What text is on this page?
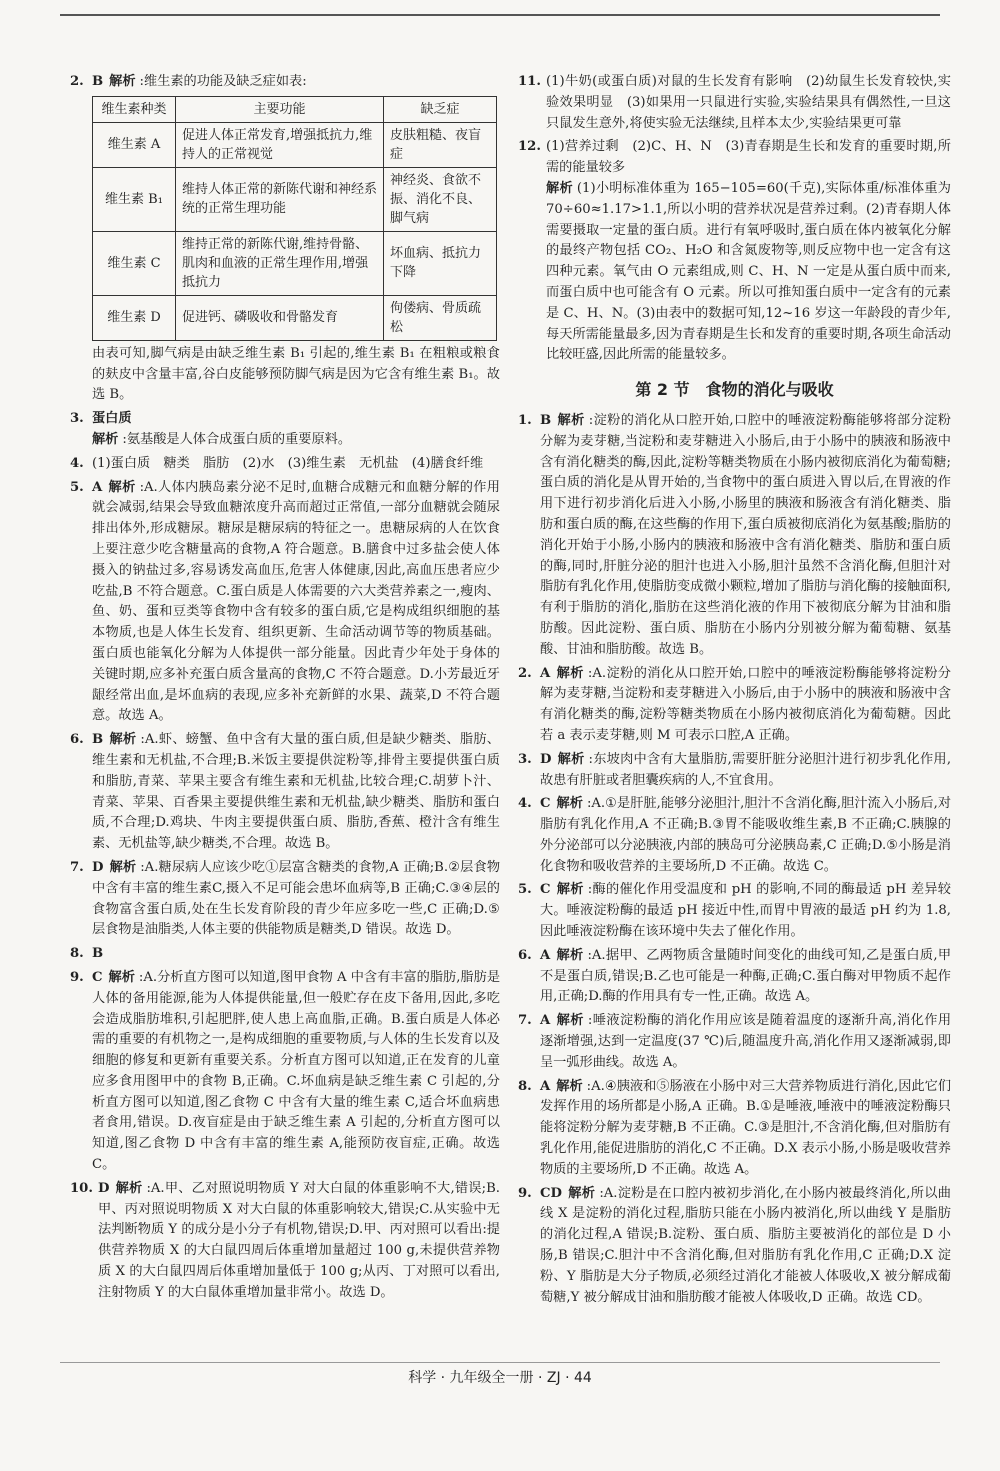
2. B 解析 :维生素的功能及缺乏症如表:
维生素种类	主要功能	缺乏症
维生素 A	促进人体正常发育,增强抵抗力,维持人的正常视觉	皮肤粗糙、夜盲症
维生素 B₁	维持人体正常的新陈代谢和神经系统的正常生理功能	神经炎、食欲不振、消化不良、脚气病
维生素 C	维持正常的新陈代谢,维持骨骼、肌肉和血液的正常生理作用,增强抵抗力	坏血病、抵抗力下降
维生素 D	促进钙、磷吸收和骨骼发育	佝偻病、骨质疏松
由表可知,脚气病是由缺乏维生素 B₁ 引起的,维生素 B₁ 在粗粮或粮食的麸皮中含量丰富,谷白皮能够预防脚气病是因为它含有维生素 B₁。故选 B。
3. 蛋白质
解析 :氨基酸是人体合成蛋白质的重要原料。
4. (1)蛋白质　糖类　脂肪　(2)水　(3)维生素　无机盐　(4)膳食纤维
5. A 解析 :A.人体内胰岛素分泌不足时,血糖合成糖元和血糖分解的作用就会减弱,结果会导致血糖浓度升高而超过正常值,一部分血糖就会随尿排出体外,形成糖尿。糖尿是糖尿病的特征之一。患糖尿病的人在饮食上要注意少吃含糖量高的食物,A 符合题意。B.膳食中过多盐会使人体摄入的钠盐过多,容易诱发高血压,危害人体健康,因此,高血压患者应少吃盐,B 不符合题意。C.蛋白质是人体需要的六大类营养素之一,瘦肉、鱼、奶、蛋和豆类等食物中含有较多的蛋白质,它是构成组织细胞的基本物质,也是人体生长发育、组织更新、生命活动调节等的物质基础。蛋白质也能氧化分解为人体提供一部分能量。因此青少年处于身体的关键时期,应多补充蛋白质含量高的食物,C 不符合题意。D.小芳最近牙龈经常出血,是坏血病的表现,应多补充新鲜的水果、蔬菜,D 不符合题意。故选 A。
6. B 解析 :A.虾、螃蟹、鱼中含有大量的蛋白质,但是缺少糖类、脂肪、维生素和无机盐,不合理;B.米饭主要提供淀粉等,排骨主要提供蛋白质和脂肪,青菜、苹果主要含有维生素和无机盐,比较合理;C.胡萝卜汁、青菜、苹果、百香果主要提供维生素和无机盐,缺少糖类、脂肪和蛋白质,不合理;D.鸡块、牛肉主要提供蛋白质、脂肪,香蕉、橙汁含有维生素、无机盐等,缺少糖类,不合理。故选 B。
7. D 解析 :A.糖尿病人应该少吃①层富含糖类的食物,A 正确;B.②层食物中含有丰富的维生素C,摄入不足可能会患坏血病等,B 正确;C.③④层的食物富含蛋白质,处在生长发育阶段的青少年应多吃一些,C 正确;D.⑤层食物是油脂类,人体主要的供能物质是糖类,D 错误。故选 D。
8. B
9. C 解析 :A.分析直方图可以知道,图甲食物 A 中含有丰富的脂肪,脂肪是人体的备用能源,能为人体提供能量,但一般贮存在皮下备用,因此,多吃会造成脂肪堆积,引起肥胖,使人患上高血脂,正确。B.蛋白质是人体必需的重要的有机物之一,是构成细胞的重要物质,与人体的生长发育以及细胞的修复和更新有重要关系。分析直方图可以知道,正在发育的儿童应多食用图甲中的食物 B,正确。C.坏血病是缺乏维生素 C 引起的,分析直方图可以知道,图乙食物 C 中含有大量的维生素 C,适合坏血病患者食用,错误。D.夜盲症是由于缺乏维生素 A 引起的,分析直方图可以知道,图乙食物 D 中含有丰富的维生素 A,能预防夜盲症,正确。故选 C。
10. D 解析 :A.甲、乙对照说明物质 Y 对大白鼠的体重影响不大,错误;B.甲、丙对照说明物质 X 对大白鼠的体重影响较大,错误;C.从实验中无法判断物质 Y 的成分是小分子有机物,错误;D.甲、丙对照可以看出:提供营养物质 X 的大白鼠四周后体重增加量超过 100 g,未提供营养物质 X 的大白鼠四周后体重增加量低于 100 g;从丙、丁对照可以看出,注射物质 Y 的大白鼠体重增加量非常小。故选 D。
11. (1)牛奶(或蛋白质)对鼠的生长发育有影响　(2)幼鼠生长发育较快,实验效果明显　(3)如果用一只鼠进行实验,实验结果具有偶然性,一旦这只鼠发生意外,将使实验无法继续,且样本太少,实验结果更可靠
12. (1)营养过剩　(2)C、H、N　(3)青春期是生长和发育的重要时期,所需的能量较多
解析 (1)小明标准体重为 165−105=60(千克),实际体重/标准体重为 70÷60≈1.17>1.1,所以小明的营养状况是营养过剩。(2)青春期人体需要摄取一定量的蛋白质。进行有氧呼吸时,蛋白质在体内被氧化分解的最终产物包括 CO₂、H₂O 和含氮废物等,则反应物中也一定含有这四种元素。氧气由 O 元素组成,则 C、H、N 一定是从蛋白质中而来,而蛋白质中也可能含有 O 元素。所以可推知蛋白质中一定含有的元素是 C、H、N。(3)由表中的数据可知,12~16 岁这一年龄段的青少年,每天所需能量最多,因为青春期是生长和发育的重要时期,各项生命活动比较旺盛,因此所需的能量较多。
第 2 节　食物的消化与吸收
1. B 解析 :淀粉的消化从口腔开始,口腔中的唾液淀粉酶能够将部分淀粉分解为麦芽糖,当淀粉和麦芽糖进入小肠后,由于小肠中的胰液和肠液中含有消化糖类的酶,因此,淀粉等糖类物质在小肠内被彻底消化为葡萄糖;蛋白质的消化是从胃开始的,当食物中的蛋白质进入胃以后,在胃液的作用下进行初步消化后进入小肠,小肠里的胰液和肠液含有消化糖类、脂肪和蛋白质的酶,在这些酶的作用下,蛋白质被彻底消化为氨基酸;脂肪的消化开始于小肠,小肠内的胰液和肠液中含有消化糖类、脂肪和蛋白质的酶,同时,肝脏分泌的胆汁也进入小肠,胆汁虽然不含消化酶,但胆汁对脂肪有乳化作用,使脂肪变成微小颗粒,增加了脂肪与消化酶的接触面积,有利于脂肪的消化,脂肪在这些消化液的作用下被彻底分解为甘油和脂肪酸。因此淀粉、蛋白质、脂肪在小肠内分别被分解为葡萄糖、氨基酸、甘油和脂肪酸。故选 B。
2. A 解析 :A.淀粉的消化从口腔开始,口腔中的唾液淀粉酶能够将淀粉分解为麦芽糖,当淀粉和麦芽糖进入小肠后,由于小肠中的胰液和肠液中含有消化糖类的酶,淀粉等糖类物质在小肠内被彻底消化为葡萄糖。因此若 a 表示麦芽糖,则 M 可表示口腔,A 正确。
3. D 解析 :东坡肉中含有大量脂肪,需要肝脏分泌胆汁进行初步乳化作用,故患有肝脏或者胆囊疾病的人,不宜食用。
4. C 解析 :A.①是肝脏,能够分泌胆汁,胆汁不含消化酶,胆汁流入小肠后,对脂肪有乳化作用,A 不正确;B.③胃不能吸收维生素,B 不正确;C.胰腺的外分泌部可以分泌胰液,内部的胰岛可分泌胰岛素,C 正确;D.⑤小肠是消化食物和吸收营养的主要场所,D 不正确。故选 C。
5. C 解析 :酶的催化作用受温度和 pH 的影响,不同的酶最适 pH 差异较大。唾液淀粉酶的最适 pH 接近中性,而胃中胃液的最适 pH 约为 1.8,因此唾液淀粉酶在该环境中失去了催化作用。
6. A 解析 :A.据甲、乙两物质含量随时间变化的曲线可知,乙是蛋白质,甲不是蛋白质,错误;B.乙也可能是一种酶,正确;C.蛋白酶对甲物质不起作用,正确;D.酶的作用具有专一性,正确。故选 A。
7. A 解析 :唾液淀粉酶的消化作用应该是随着温度的逐渐升高,消化作用逐渐增强,达到一定温度(37 ℃)后,随温度升高,消化作用又逐渐减弱,即呈一弧形曲线。故选 A。
8. A 解析 :A.④胰液和⑤肠液在小肠中对三大营养物质进行消化,因此它们发挥作用的场所都是小肠,A 正确。B.①是唾液,唾液中的唾液淀粉酶只能将淀粉分解为麦芽糖,B 不正确。C.③是胆汁,不含消化酶,但对脂肪有乳化作用,能促进脂肪的消化,C 不正确。D.X 表示小肠,小肠是吸收营养物质的主要场所,D 不正确。故选 A。
9. CD 解析 :A.淀粉是在口腔内被初步消化,在小肠内被最终消化,所以曲线 X 是淀粉的消化过程,脂肪只能在小肠内被消化,所以曲线 Y 是脂肪的消化过程,A 错误;B.淀粉、蛋白质、脂肪主要被消化的部位是 D 小肠,B 错误;C.胆汁中不含消化酶,但对脂肪有乳化作用,C 正确;D.X 淀粉、Y 脂肪是大分子物质,必须经过消化才能被人体吸收,X 被分解成葡萄糖,Y 被分解成甘油和脂肪酸才能被人体吸收,D 正确。故选 CD。
科学 · 九年级全一册 · ZJ · 44
